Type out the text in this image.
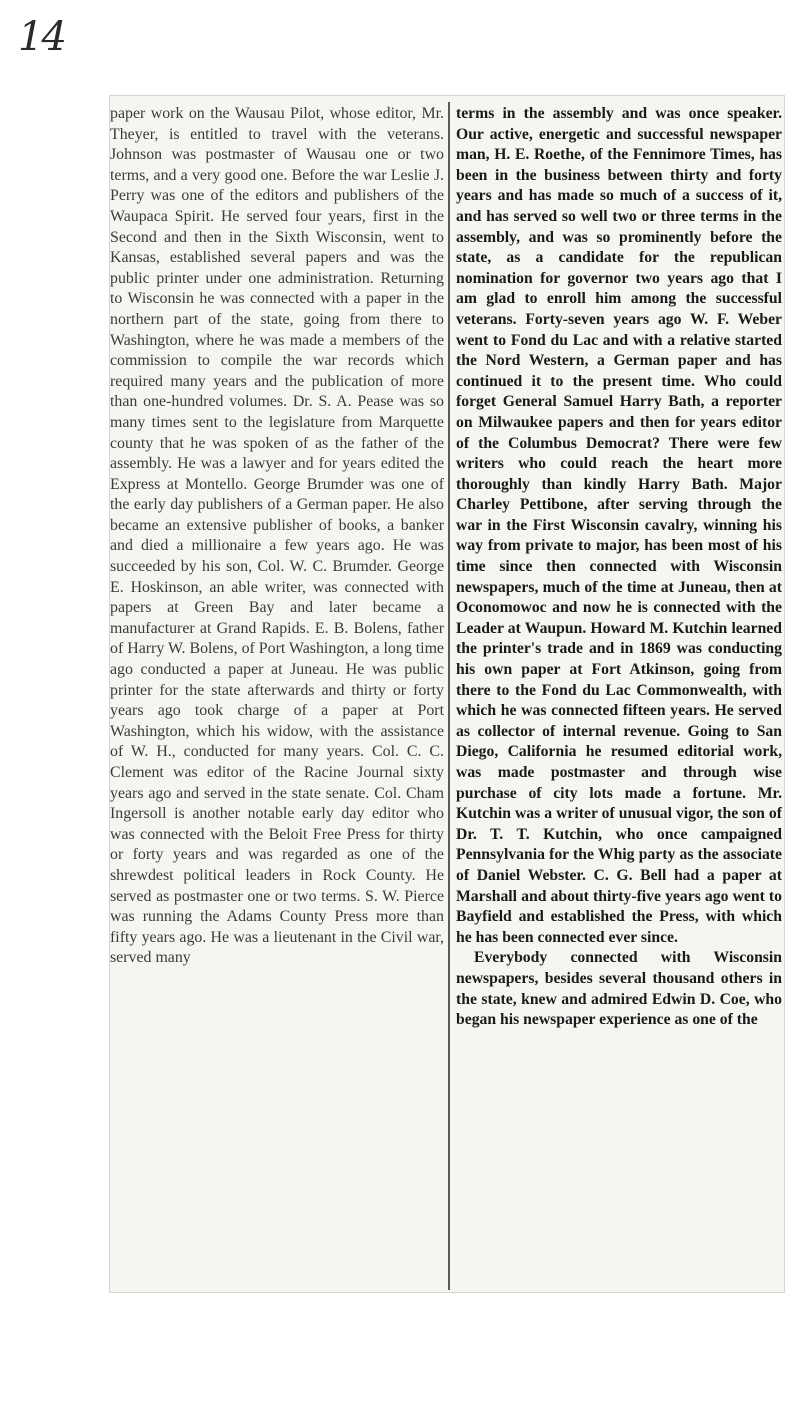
14

paper work on the Wausau Pilot, whose editor, Mr. Theyer, is entitled to travel with the veterans. Johnson was postmaster of Wausau one or two terms, and a very good one. Before the war Leslie J. Perry was one of the editors and publishers of the Waupaca Spirit. He served four years, first in the Second and then in the Sixth Wisconsin, went to Kansas, established several papers and was the public printer under one administration. Returning to Wisconsin he was connected with a paper in the northern part of the state, going from there to Washington, where he was made a members of the commission to compile the war records which required many years and the publication of more than one-hundred volumes. Dr. S. A. Pease was so many times sent to the legislature from Marquette county that he was spoken of as the father of the assembly. He was a lawyer and for years edited the Express at Montello. George Brumder was one of the early day publishers of a German paper. He also became an extensive publisher of books, a banker and died a millionaire a few years ago. He was succeeded by his son, Col. W. C. Brumder. George E. Hoskinson, an able writer, was connected with papers at Green Bay and later became a manufacturer at Grand Rapids. E. B. Bolens, father of Harry W. Bolens, of Port Washington, a long time ago conducted a paper at Juneau. He was public printer for the state afterwards and thirty or forty years ago took charge of a paper at Port Washington, which his widow, with the assistance of W. H., conducted for many years. Col. C. C. Clement was editor of the Racine Journal sixty years ago and served in the state senate. Col. Cham Ingersoll is another notable early day editor who was connected with the Beloit Free Press for thirty or forty years and was regarded as one of the shrewdest political leaders in Rock County. He served as postmaster one or two terms. S. W. Pierce was running the Adams County Press more than fifty years ago. He was a lieutenant in the Civil war, served many

terms in the assembly and was once speaker. Our active, energetic and successful newspaper man, H. E. Roethe, of the Fennimore Times, has been in the business between thirty and forty years and has made so much of a success of it, and has served so well two or three terms in the assembly, and was so prominently before the state, as a candidate for the republican nomination for governor two years ago that I am glad to enroll him among the successful veterans. Forty-seven years ago W. F. Weber went to Fond du Lac and with a relative started the Nord Western, a German paper and has continued it to the present time. Who could forget General Samuel Harry Bath, a reporter on Milwaukee papers and then for years editor of the Columbus Democrat? There were few writers who could reach the heart more thoroughly than kindly Harry Bath. Major Charley Pettibone, after serving through the war in the First Wisconsin cavalry, winning his way from private to major, has been most of his time since then connected with Wisconsin newspapers, much of the time at Juneau, then at Oconomowoc and now he is connected with the Leader at Waupun. Howard M. Kutchin learned the printer's trade and in 1869 was conducting his own paper at Fort Atkinson, going from there to the Fond du Lac Commonwealth, with which he was connected fifteen years. He served as collector of internal revenue. Going to San Diego, California he resumed editorial work, was made postmaster and through wise purchase of city lots made a fortune. Mr. Kutchin was a writer of unusual vigor, the son of Dr. T. T. Kutchin, who once campaigned Pennsylvania for the Whig party as the associate of Daniel Webster. C. G. Bell had a paper at Marshall and about thirty-five years ago went to Bayfield and established the Press, with which he has been connected ever since.

Everybody connected with Wisconsin newspapers, besides several thousand others in the state, knew and admired Edwin D. Coe, who began his newspaper experience as one of the
